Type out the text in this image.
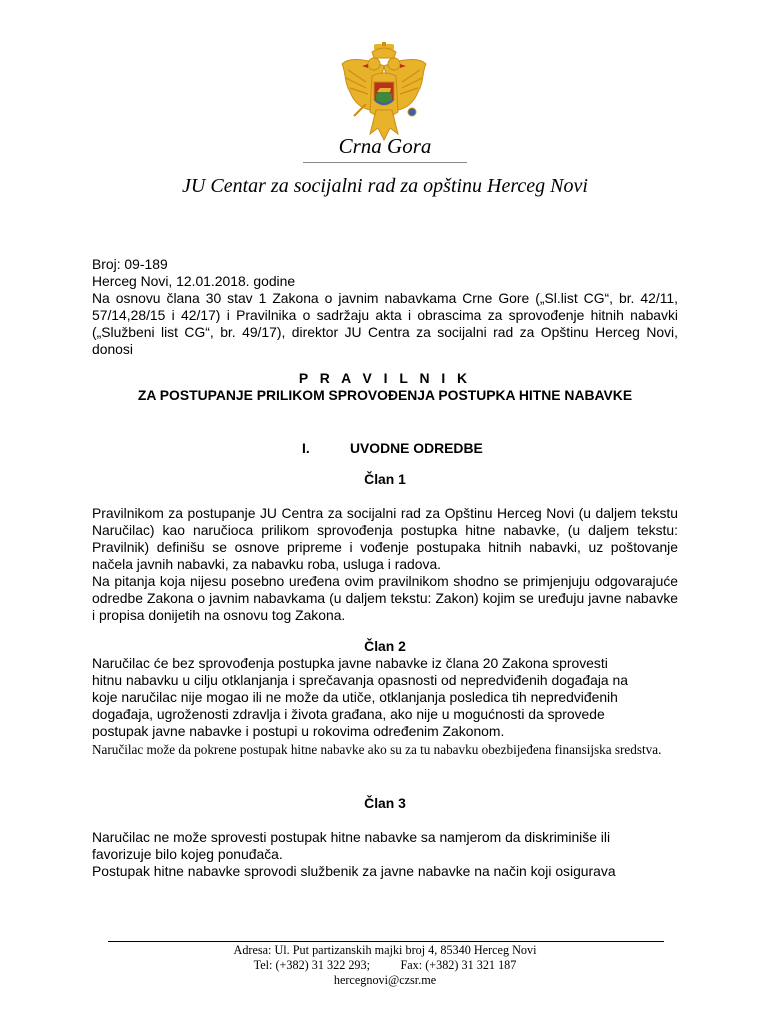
Crna Gora
JU Centar za socijalni rad za opštinu Herceg Novi

Broj: 09-189

Herceg Novi, 12.01.2018. godine

Na osnovu člana 30 stav 1 Zakona o javnim nabavkama Crne Gore („Sl.list CG“, br. 42/11, 57/14,28/15 i 42/17) i Pravilnika o sadržaju akta i obrascima za sprovođenje hitnih nabavki („Službeni list CG“, br. 49/17), direktor JU Centra za socijalni rad za Opštinu Herceg Novi, donosi

P R A V I L N I K

ZA POSTUPANJE PRILIKOM SPROVOĐENJA POSTUPKA HITNE NABAVKE

I.	UVODNE ODREDBE

Član 1

Pravilnikom za postupanje JU Centra za socijalni rad za Opštinu Herceg Novi (u daljem tekstu Naručilac) kao naručioca prilikom sprovođenja postupka hitne nabavke, (u daljem tekstu: Pravilnik) definišu se osnove pripreme i vođenje postupaka hitnih nabavki, uz poštovanje načela javnih nabavki, za nabavku roba, usluga i radova.

Na pitanja koja nijesu posebno uređena ovim pravilnikom shodno se primjenjuju odgovarajuće odredbe Zakona o javnim nabavkama (u daljem tekstu: Zakon) kojim se uređuju javne nabavke i propisa donijetih na osnovu tog Zakona.

Član 2

Naručilac će bez sprovođenja postupka javne nabavke iz člana 20 Zakona sprovesti

hitnu nabavku u cilju otklanjanja i sprečavanja opasnosti od nepredviđenih događaja na

koje naručilac nije mogao ili ne može da utiče, otklanjanja posledica tih nepredviđenih

događaja, ugroženosti zdravlja i života građana, ako nije u mogućnosti da sprovede

postupak javne nabavke i postupi u rokovima određenim Zakonom.

Naručilac može da pokrene postupak hitne nabavke ako su za tu nabavku obezbijeđena finansijska sredstva.

Član 3

Naručilac ne može sprovesti postupak hitne nabavke sa namjerom da diskriminiše ili

favorizuje bilo kojeg ponuđača.

Postupak hitne nabavke sprovodi službenik za javne nabavke na način koji osigurava

Adresa: Ul. Put partizanskih majki broj 4, 85340 Herceg Novi
Tel: (+382) 31 322 293;          Fax: (+382) 31 321 187
hercegnovi@czsr.me
